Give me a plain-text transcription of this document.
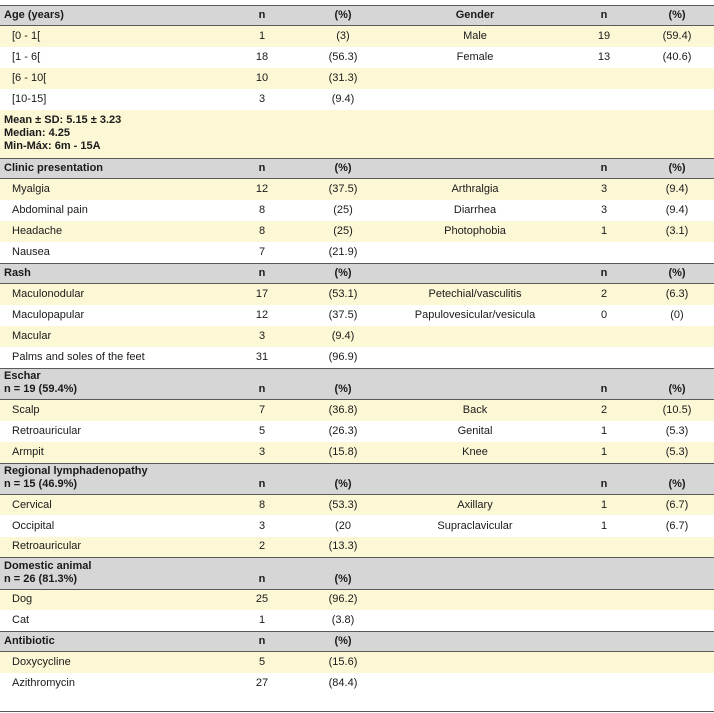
Age (years)	n	(%)	Gender	n	(%)
[0 - 1[	1	(3)	Male	19	(59.4)
[1 - 6[	18	(56.3)	Female	13	(40.6)
[6 - 10[	10	(31.3)			
[10-15]	3	(9.4)			

Mean ± SD: 5.15 ± 3.23
Median: 4.25
Min-Máx: 6m - 15A					

Clinic presentation	n	(%)		n	(%)
Myalgia	12	(37.5)	Arthralgia	3	(9.4)
Abdominal pain	8	(25)	Diarrhea	3	(9.4)
Headache	8	(25)	Photophobia	1	(3.1)
Nausea	7	(21.9)			

Rash	n	(%)		n	(%)
Maculonodular	17	(53.1)	Petechial/vasculitis	2	(6.3)
Maculopapular	12	(37.5)	Papulovesicular/vesicula	0	(0)
Macular	3	(9.4)			
Palms and soles of the feet	31	(96.9)			

Eschar
n = 19 (59.4%)	n	(%)		n	(%)
Scalp	7	(36.8)	Back	2	(10.5)
Retroauricular	5	(26.3)	Genital	1	(5.3)
Armpit	3	(15.8)	Knee	1	(5.3)

Regional lymphadenopathy
n = 15 (46.9%)	n	(%)		n	(%)
Cervical	8	(53.3)	Axillary	1	(6.7)
Occipital	3	(20	Supraclavicular	1	(6.7)
Retroauricular	2	(13.3)			

Domestic animal
n = 26 (81.3%)	n	(%)			
Dog	25	(96.2)			
Cat	1	(3.8)			

Antibiotic	n	(%)			
Doxycycline	5	(15.6)			
Azithromycin	27	(84.4)			
